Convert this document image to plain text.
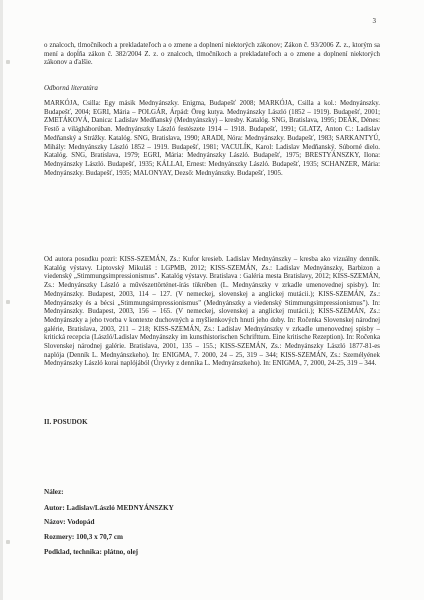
3

o znalcoch, tlmočníkoch a prekladateľoch a o zmene a doplnení niektorých zákonov; Zákon č. 93/2006 Z. z., ktorým sa mení a dopĺňa zákon č. 382/2004 Z. z. o znalcoch, tlmočníkoch a prekladateľoch a o zmene a doplnení niektorých zákonov a ďalšie.

Odborná literatúra

MARKÓJA, Csilla: Egy másik Mednyánszky. Enigma, Budapešť 2008; MARKÓJA, Csilla a kol.: Mednyánszky. Budapešť, 2004; EGRI, Mária – POLGÁR, Árpád: Öreg kutya. Mednyánszky László (1852 – 1919). Budapešť, 2001; ZMETÁKOVÁ, Danica: Ladislav Medňanský (Mednyánszky) – kresby. Katalóg. SNG, Bratislava, 1995; DEÁK, Dénes: Festő a világháborúban. Mednyánszky László festészete 1914 – 1918. Budapešť, 1991; GLATZ, Anton C.: Ladislav Medňanský a Strážky. Katalóg. SNG, Bratislava, 1990; ARADI, Nóra: Mednyánszky. Budapešť, 1983; SARKANTYÚ, Mihály: Mednyánszky László 1852 – 1919. Budapešť, 1981; VACULÍK, Karol: Ladislav Medňanský. Súborné dielo. Katalóg. SNG, Bratislava, 1979; EGRI, Mária: Mednyánszky László. Budapešť, 1975; BRESTYÁNSZKY, Ilona: Mednyánszky László. Budapešť, 1935; KÁLLAI, Ernest: Mednyánszky László. Budapešť, 1935; SCHANZER, Mária: Mednyánszky. Budapešť, 1935; MALONYAY, Dezső: Mednyánszky. Budapešť, 1905.

Od autora posudku pozri: KISS-SZEMÁN, Zs.: Kufor kresieb. Ladislav Mednyánszky – kresba ako vizuálny denník. Katalóg výstavy. Liptovský Mikuláš : LGPMB, 2012; KISS-SZEMÁN, Zs.: Ladislav Mednyánszky, Barbizon a viedenský „Stimmungsimpressionismus". Katalóg výstavy. Bratislava : Galéria mesta Bratislavy, 2012; KISS-SZEMÁN, Zs.: Mednyánszky László a művészettörténet-írás tükrében (L. Mednyánszky v zrkadle umenovednej spisby). In: Mednyánszky. Budapest, 2003, 114 – 127. (V nemeckej, slovenskej a anglickej mutácii.); KISS-SZEMÁN, Zs.: Mednyánszky és a bécsi „Stimmungsimpressionismus" (Mednyánszky a viedenský Stimmungsimpressionismus"). In: Mednyánszky. Budapest, 2003, 156 – 165. (V nemeckej, slovenskej a anglickej mutácii.); KISS-SZEMÁN, Zs.: Mednyánszky a jeho tvorba v kontexte duchovných a myšlienkových hnutí jeho doby. In: Ročenka Slovenskej národnej galérie, Bratislava, 2003, 211 – 218; KISS-SZEMÁN, Zs.: Ladislav Mednyánszky v zrkadle umenovednej spisby – kritická recepcia (László/Ladislav Mednyánszky im kunsthistorischen Schrifttum. Eine kritische Rezeption). In: Ročenka Slovenskej národnej galérie. Bratislava, 2001, 135 – 155.; KISS-SZEMÁN, Zs.: Mednyánszky László 1877-81-es naplója (Denník L. Mednyánszkeho). In: ENIGMA, 7. 2000, 24 – 25, 319 – 344; KISS-SZEMÁN, Zs.: Személyének Mednyánszky László korai naplójából (Úryvky z denníka L. Mednyánszkeho). In: ENIGMA, 7, 2000, 24-25, 319 – 344.

II. POSUDOK

Nález:

Autor: Ladislav/László MEDNYÁNSZKY

Názov: Vodopád

Rozmery: 100,3 x 70,7 cm

Podklad, technika: plátno, olej
